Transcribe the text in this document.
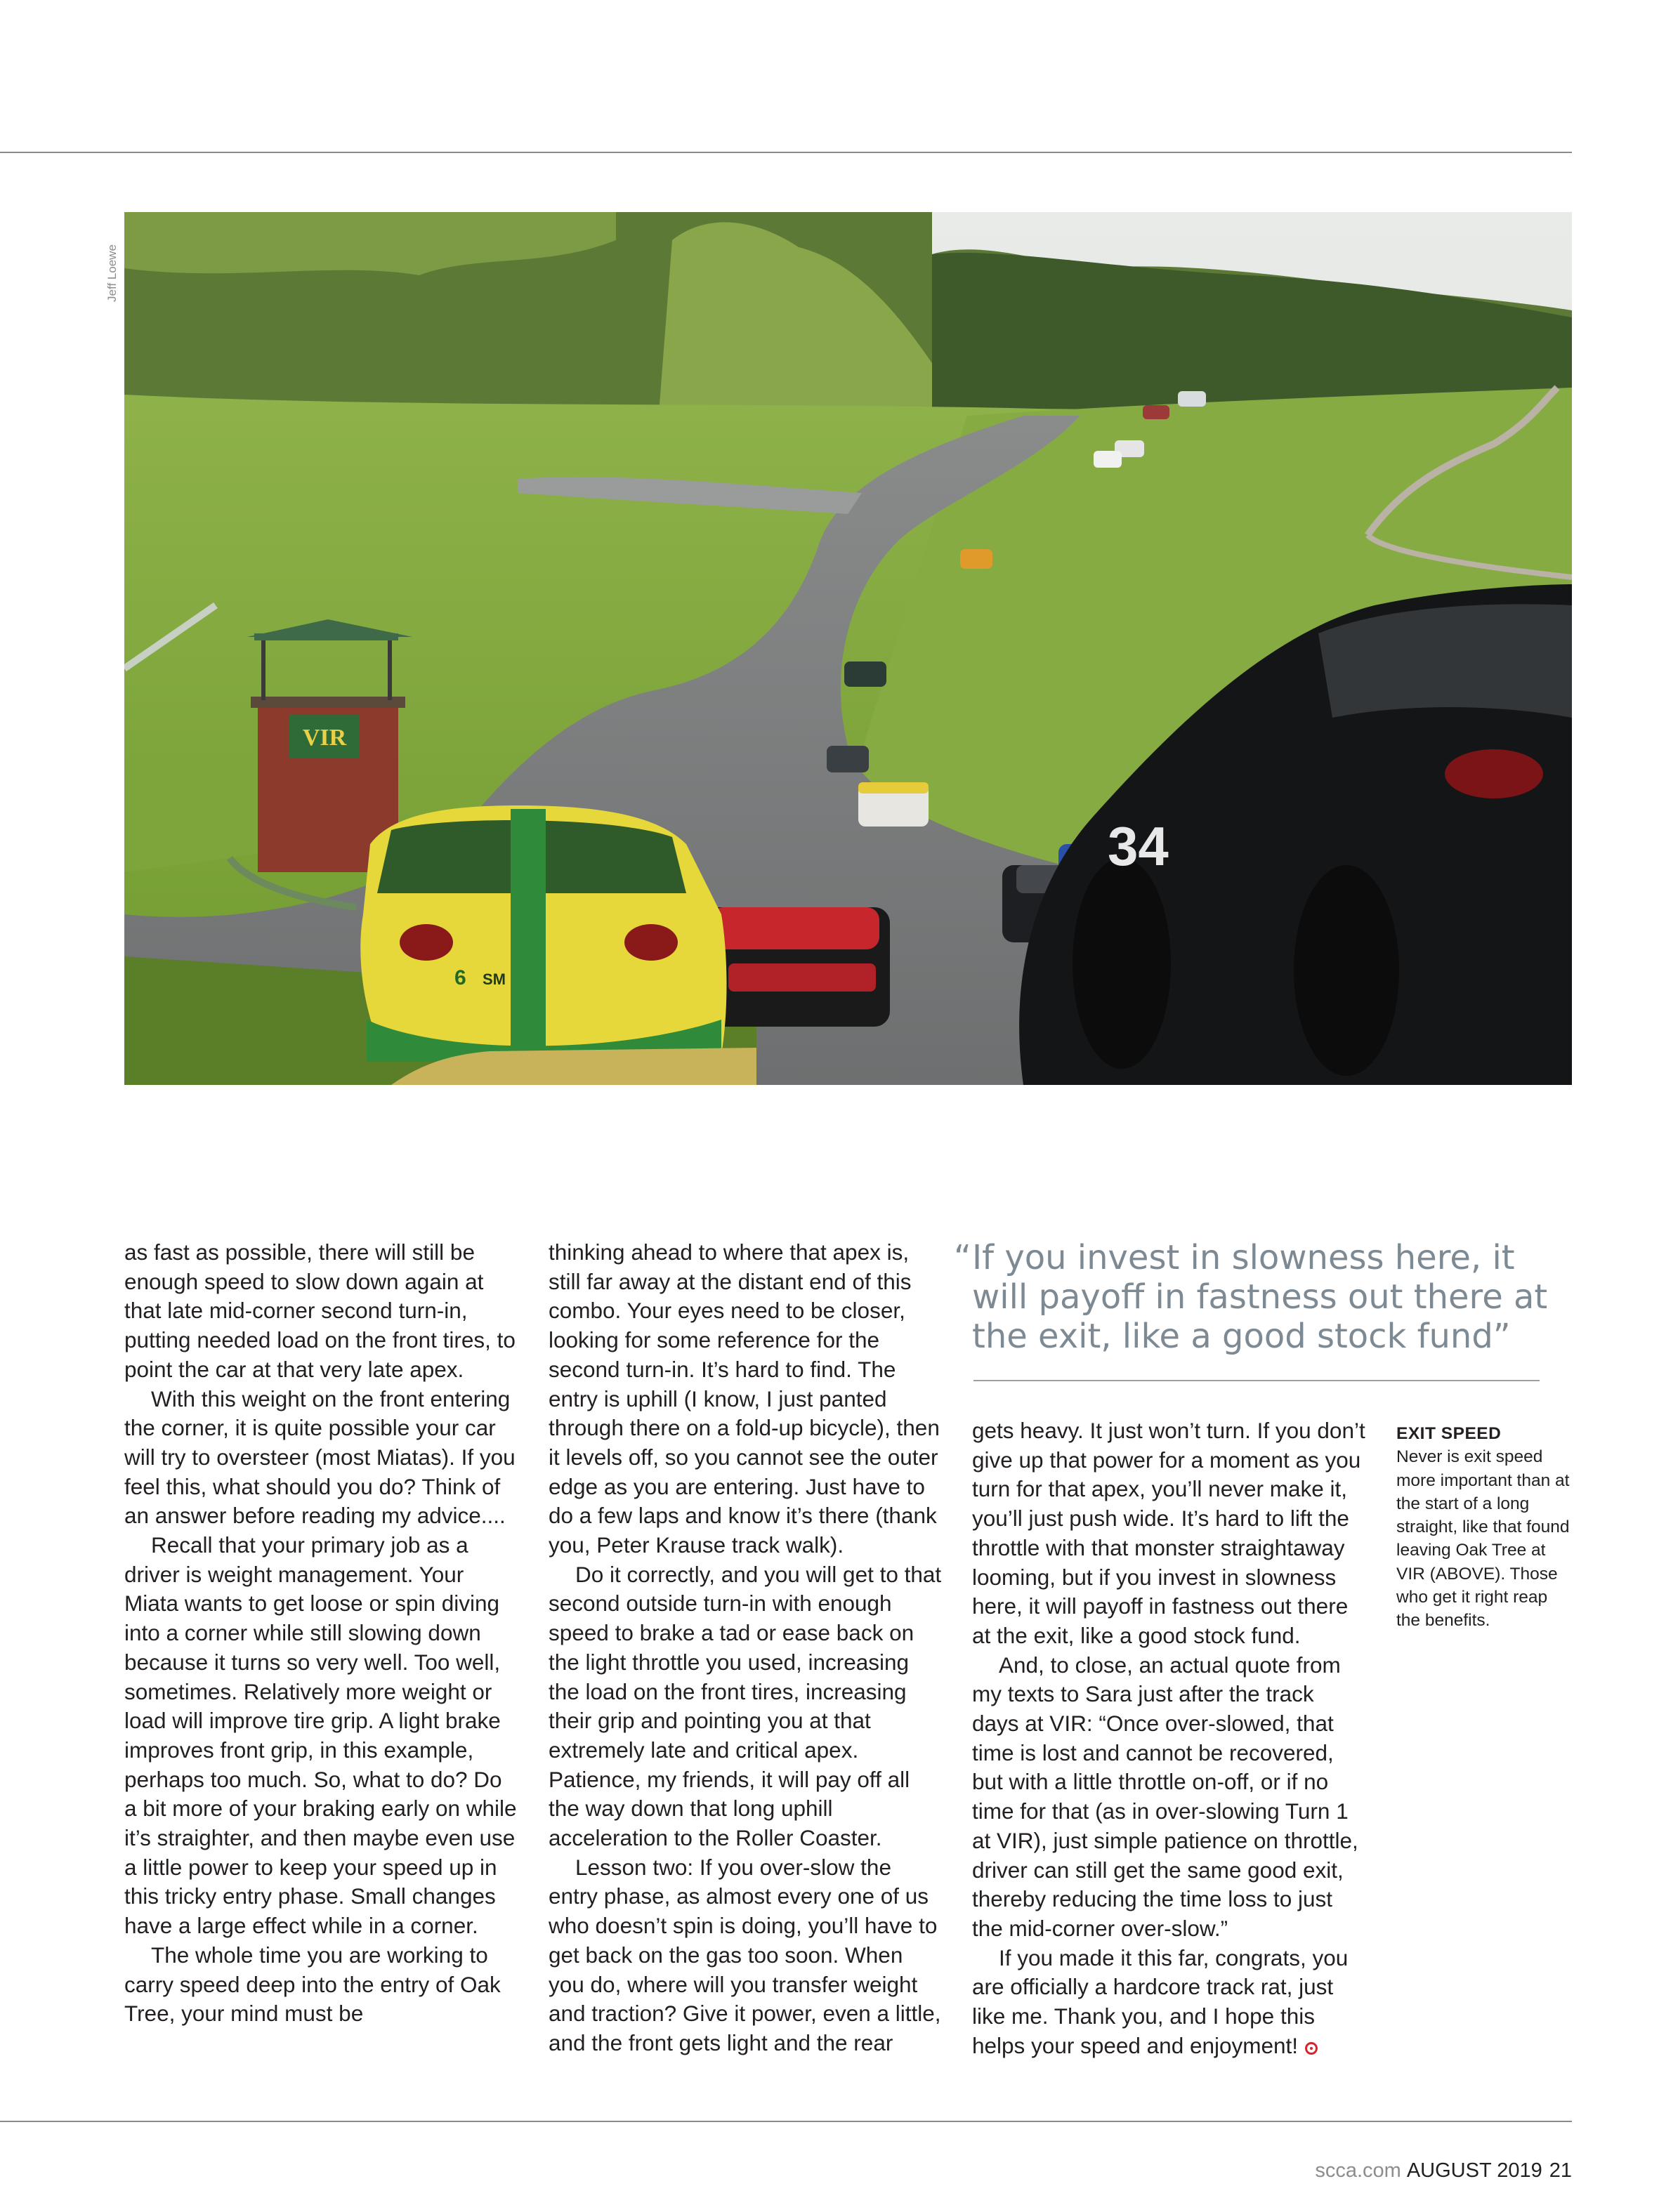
Jeff Loewe
VIR
6 SM
34

as fast as possible, there will still be enough speed to slow down again at that late mid-corner second turn-in, putting needed load on the front tires, to point the car at that very late apex.

With this weight on the front entering the corner, it is quite possible your car will try to oversteer (most Miatas). If you feel this, what should you do? Think of an answer before reading my advice....

Recall that your primary job as a driver is weight management. Your Miata wants to get loose or spin diving into a corner while still slowing down because it turns so very well. Too well, sometimes. Relatively more weight or load will improve tire grip. A light brake improves front grip, in this example, perhaps too much. So, what to do? Do a bit more of your braking early on while it’s straighter, and then maybe even use a little power to keep your speed up in this tricky entry phase. Small changes have a large effect while in a corner.

The whole time you are working to carry speed deep into the entry of Oak Tree, your mind must be

thinking ahead to where that apex is, still far away at the distant end of this combo. Your eyes need to be closer, looking for some reference for the second turn-in. It’s hard to find. The entry is uphill (I know, I just panted through there on a fold-up bicycle), then it levels off, so you cannot see the outer edge as you are entering. Just have to do a few laps and know it’s there (thank you, Peter Krause track walk).

Do it correctly, and you will get to that second outside turn-in with enough speed to brake a tad or ease back on the light throttle you used, increasing the load on the front tires, increasing their grip and pointing you at that extremely late and critical apex. Patience, my friends, it will pay off all the way down that long uphill acceleration to the Roller Coaster.

Lesson two: If you over-slow the entry phase, as almost every one of us who doesn’t spin is doing, you’ll have to get back on the gas too soon. When you do, where will you transfer weight and traction? Give it power, even a little, and the front gets light and the rear

“ If you invest in slowness here, it will payoff in fastness out there at the exit, like a good stock fund”

gets heavy. It just won’t turn. If you don’t give up that power for a moment as you turn for that apex, you’ll never make it, you’ll just push wide. It’s hard to lift the throttle with that monster straightaway looming, but if you invest in slowness here, it will payoff in fastness out there at the exit, like a good stock fund.

And, to close, an actual quote from my texts to Sara just after the track days at VIR: “Once over-slowed, that time is lost and cannot be recovered, but with a little throttle on-off, or if no time for that (as in over-slowing Turn 1 at VIR), just simple patience on throttle, driver can still get the same good exit, thereby reducing the time loss to just the mid-corner over-slow.”

If you made it this far, congrats, you are officially a hardcore track rat, just like me. Thank you, and I hope this helps your speed and enjoyment!

EXIT SPEED
Never is exit speed more important than at the start of a long straight, like that found leaving Oak Tree at VIR (ABOVE). Those who get it right reap the benefits.
scca.com AUGUST 2019 21
